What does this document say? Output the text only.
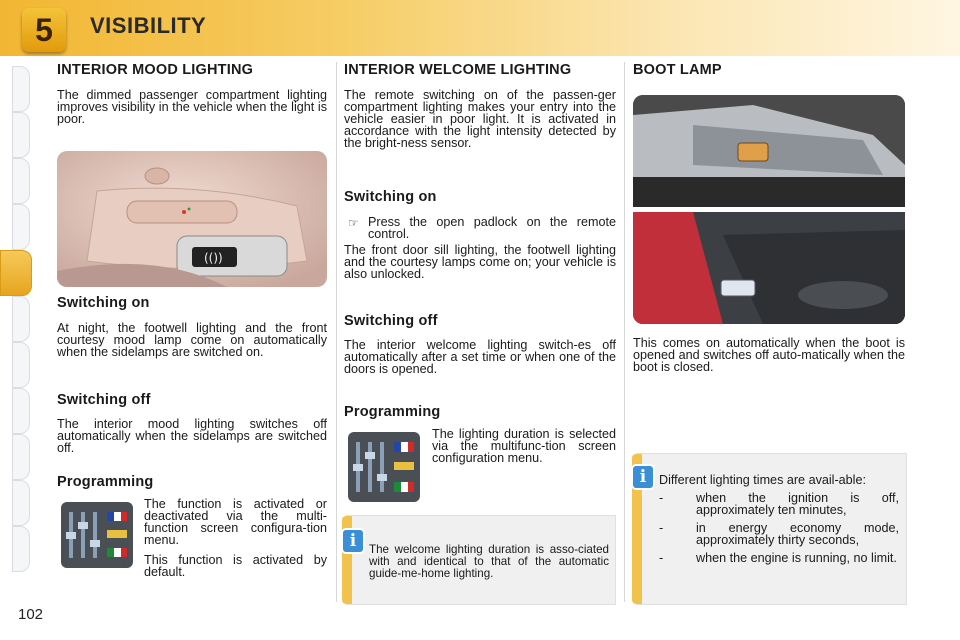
5	VISIBILITY
INTERIOR MOOD LIGHTING

The dimmed passenger compartment lighting improves visibility in the vehicle when the light is poor.

(())
Switching on

At night, the footwell lighting and the front courtesy mood lamp come on automatically when the sidelamps are switched on.

Switching off

The interior mood lighting switches off automatically when the sidelamps are switched off.

Programming

The function is activated or deactivated via the multi-function screen configura-tion menu.

This function is activated by default.

INTERIOR WELCOME LIGHTING

The remote switching on of the passen-ger compartment lighting makes your entry into the vehicle easier in poor light. It is activated in accordance with the light intensity detected by the bright-ness sensor.

Switching on
☞ Press the open padlock on the remote control.

The front door sill lighting, the footwell lighting and the courtesy lamps come on; your vehicle is also unlocked.

Switching off

The interior welcome lighting switch-es off automatically after a set time or when one of the doors is opened.

Programming

The lighting duration is selected via the multifunc-tion screen configuration menu.

i	The welcome lighting duration is asso-ciated with and identical to that of the automatic guide-me-home lighting.

BOOT LAMP

This comes on automatically when the boot is opened and switches off auto-matically when the boot is closed.

i	Different lighting times are avail-able:

-	when the ignition is off, approximately ten minutes,
-	in energy economy mode, approximately thirty seconds,
-	when the engine is running, no limit.
102
